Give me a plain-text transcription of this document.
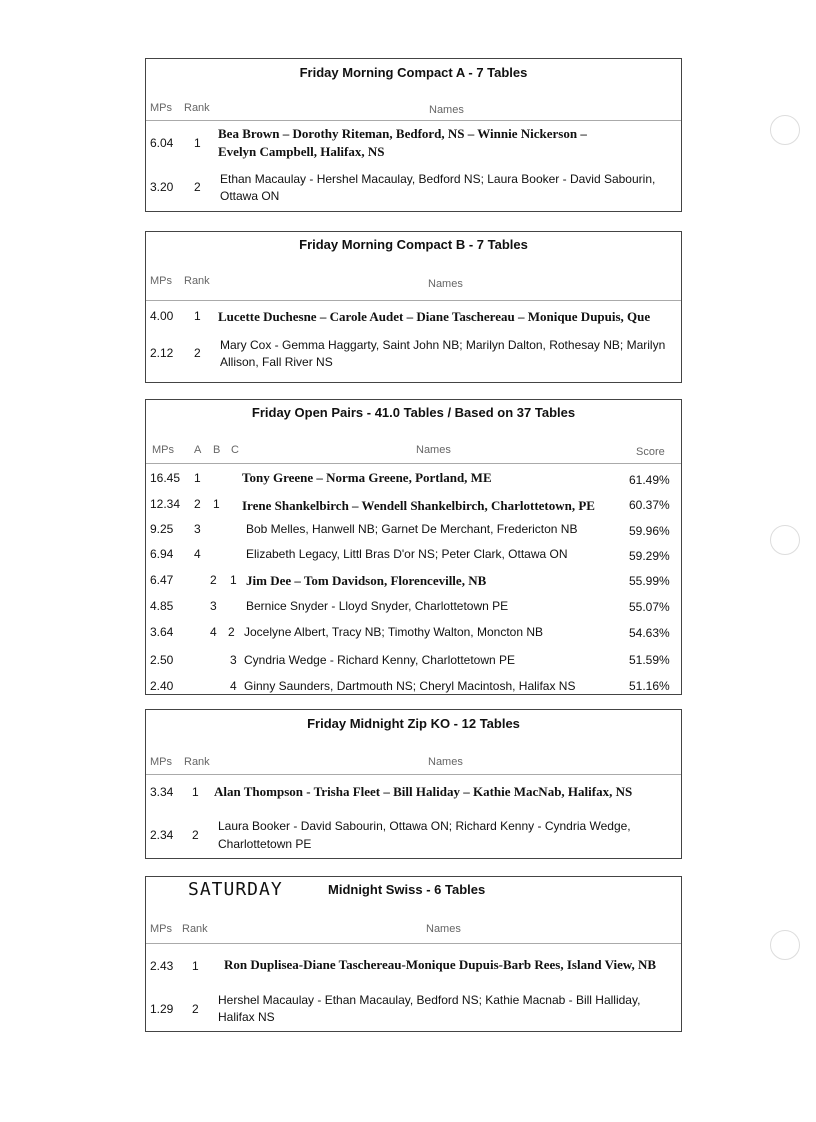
Friday Morning Compact A - 7 Tables
MPs Rank	Names
6.04 1
Bea Brown – Dorothy Riteman, Bedford, NS – Winnie Nickerson –
Evelyn Campbell, Halifax, NS
3.20 2
Ethan Macaulay - Hershel Macaulay, Bedford NS; Laura Booker - David Sabourin,
Ottawa ON
Friday Morning Compact B - 7 Tables
MPs Rank	Names
4.00 1 Lucette Duchesne – Carole Audet – Diane Taschereau – Monique Dupuis, Que
2.12 2
Mary Cox - Gemma Haggarty, Saint John NB; Marilyn Dalton, Rothesay NB; Marilyn
Allison, Fall River NS
Friday Open Pairs - 41.0 Tables / Based on 37 Tables
MPs A B C	Names	Score
16.45 1	Tony Greene – Norma Greene, Portland, ME	61.49%
12.34 2 1 Irene Shankelbirch – Wendell Shankelbirch, Charlottetown, PE	60.37%
9.25 3	Bob Melles, Hanwell NB; Garnet De Merchant, Fredericton NB	59.96%
6.94 4	Elizabeth Legacy, Littl Bras D'or NS; Peter Clark, Ottawa ON	59.29%
6.47	2 1 Jim Dee – Tom Davidson, Florenceville, NB	55.99%
4.85	3 Bernice Snyder - Lloyd Snyder, Charlottetown PE	55.07%
3.64	4 2 Jocelyne Albert, Tracy NB; Timothy Walton, Moncton NB	54.63%
2.50	3 Cyndria Wedge - Richard Kenny, Charlottetown PE	51.59%
2.40	4 Ginny Saunders, Dartmouth NS; Cheryl Macintosh, Halifax NS	51.16%
Friday Midnight Zip KO - 12 Tables
MPs Rank	Names
3.34 1 Alan Thompson - Trisha Fleet – Bill Haliday – Kathie MacNab, Halifax, NS
2.34 2
Laura Booker - David Sabourin, Ottawa ON; Richard Kenny - Cyndria Wedge,
Charlottetown PE
SATURDAY	Midnight Swiss - 6 Tables
MPs Rank	Names
2.43 1 Ron Duplisea-Diane Taschereau-Monique Dupuis-Barb Rees, Island View, NB
1.29 2
Hershel Macaulay - Ethan Macaulay, Bedford NS; Kathie Macnab - Bill Halliday,
Halifax NS
